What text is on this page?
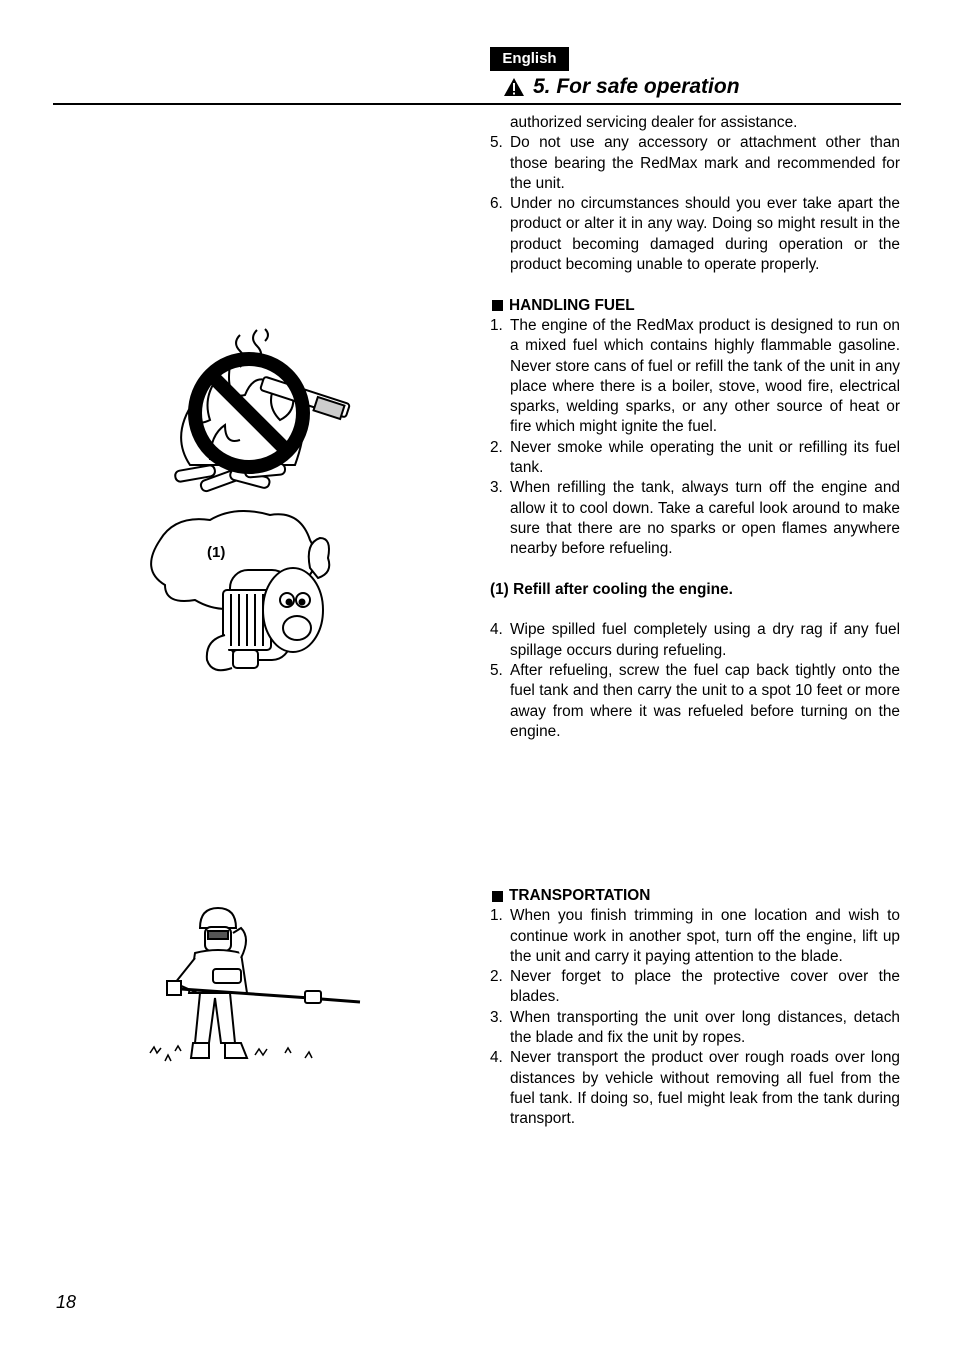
English
5. For safe operation
(1)

authorized servicing dealer for assistance.

5. Do not use any accessory or attachment other than those bearing the RedMax mark and recommended for the unit.
6. Under no circumstances should you ever take apart the product or alter it in any way. Doing so might result in the product becoming damaged during operation or the product becoming unable to operate properly.
HANDLING FUEL
1. The engine of the RedMax product is designed to run on a mixed fuel which contains highly flammable gasoline. Never store cans of fuel or refill the tank of the unit in any place where there is a boiler, stove, wood fire, electrical sparks, welding sparks, or any other source of heat or fire which might ignite the fuel.
2. Never smoke while operating the unit or refilling its fuel tank.
3. When refilling the tank, always turn off the engine and allow it to cool down. Take a careful look around to make sure that there are no sparks or open flames anywhere nearby before refueling.

(1) Refill after cooling the engine.

4. Wipe spilled fuel completely using a dry rag if any fuel spillage occurs during refueling.
5. After refueling, screw the fuel cap back tightly onto the fuel tank and then carry the unit to a spot 10 feet or more away from where it was refueled before turning on the engine.
TRANSPORTATION
1. When you finish trimming in one location and wish to continue work in another spot, turn off the engine, lift up the unit and carry it paying attention to the blade.
2. Never forget to place the protective cover over the blades.
3. When transporting the unit over long distances, detach the blade and fix the unit by ropes.
4. Never transport the product over rough roads over long distances by vehicle without removing all fuel from the fuel tank. If doing so, fuel might leak from the tank during transport.
18
